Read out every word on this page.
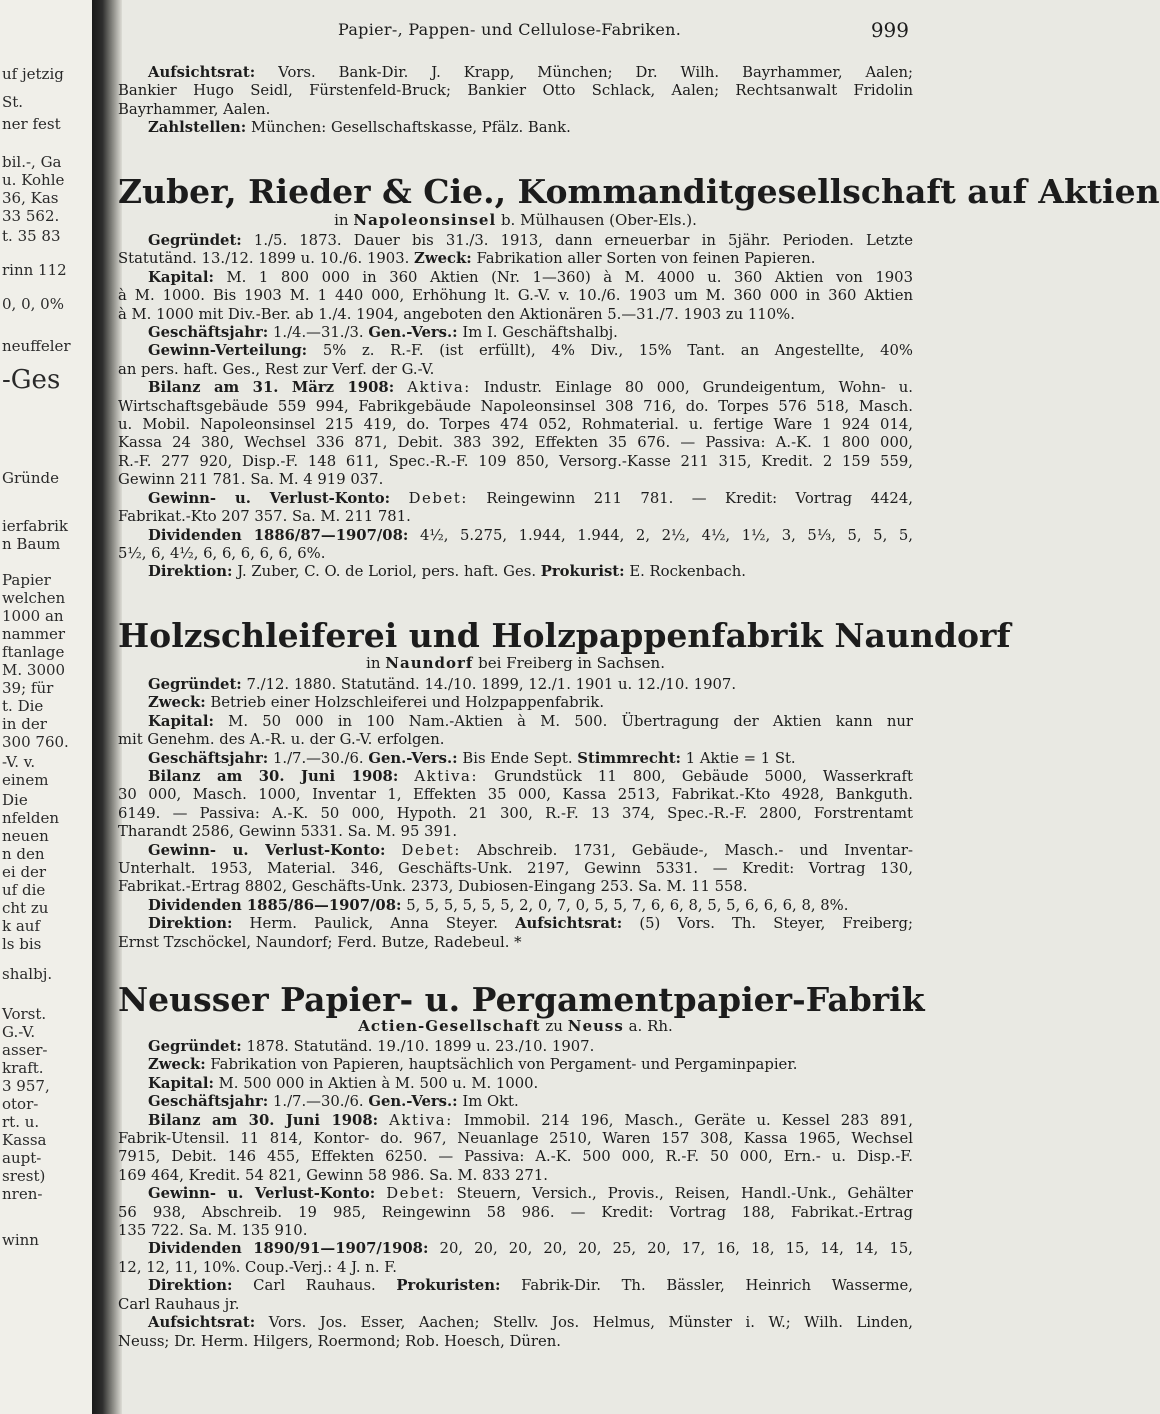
uf jetzig
St.
ner fest
bil.-, Ga
u. Kohle
36, Kas
33 562.
t. 35 83
rinn 112
0, 0, 0%
neuffeler
-Ges
Gründe
ierfabrik
n Baum
Papier
welchen
1000 an
nammer
ftanlage
M. 3000
39; für
t. Die
in der
300 760.
-V. v.
einem
Die
nfelden
neuen
n den
ei der
uf die
cht zu
k auf
ls bis
shalbj.
Vorst.
G.-V.
asser-
kraft.
3 957,
otor-
rt. u.
Kassa
aupt-
srest)
nren-
winn
Papier-, Pappen- und Cellulose-Fabriken.	999
Aufsichtsrat: Vors. Bank-Dir. J. Krapp, München; Dr. Wilh. Bayrhammer, Aalen;
Bankier Hugo Seidl, Fürstenfeld-Bruck; Bankier Otto Schlack, Aalen; Rechtsanwalt Fridolin
Bayrhammer, Aalen.
Zahlstellen: München: Gesellschaftskasse, Pfälz. Bank.
Zuber, Rieder & Cie., Kommanditgesellschaft auf Aktien
in Napoleonsinsel b. Mülhausen (Ober-Els.).
Gegründet: 1./5. 1873. Dauer bis 31./3. 1913, dann erneuerbar in 5jähr. Perioden. Letzte
Statutänd. 13./12. 1899 u. 10./6. 1903. Zweck: Fabrikation aller Sorten von feinen Papieren.
Kapital: M. 1 800 000 in 360 Aktien (Nr. 1—360) à M. 4000 u. 360 Aktien von 1903
à M. 1000. Bis 1903 M. 1 440 000, Erhöhung lt. G.-V. v. 10./6. 1903 um M. 360 000 in 360 Aktien
à M. 1000 mit Div.-Ber. ab 1./4. 1904, angeboten den Aktionären 5.—31./7. 1903 zu 110%.
Geschäftsjahr: 1./4.—31./3. Gen.-Vers.: Im I. Geschäftshalbj.
Gewinn-Verteilung: 5% z. R.-F. (ist erfüllt), 4% Div., 15% Tant. an Angestellte, 40%
an pers. haft. Ges., Rest zur Verf. der G.-V.
Bilanz am 31. März 1908: Aktiva: Industr. Einlage 80 000, Grundeigentum, Wohn- u.
Wirtschaftsgebäude 559 994, Fabrikgebäude Napoleonsinsel 308 716, do. Torpes 576 518, Masch.
u. Mobil. Napoleonsinsel 215 419, do. Torpes 474 052, Rohmaterial. u. fertige Ware 1 924 014,
Kassa 24 380, Wechsel 336 871, Debit. 383 392, Effekten 35 676. — Passiva: A.-K. 1 800 000,
R.-F. 277 920, Disp.-F. 148 611, Spec.-R.-F. 109 850, Versorg.-Kasse 211 315, Kredit. 2 159 559,
Gewinn 211 781. Sa. M. 4 919 037.
Gewinn- u. Verlust-Konto: Debet: Reingewinn 211 781. — Kredit: Vortrag 4424,
Fabrikat.-Kto 207 357. Sa. M. 211 781.
Dividenden 1886/87—1907/08: 4½, 5.275, 1.944, 1.944, 2, 2½, 4½, 1½, 3, 5⅓, 5, 5, 5,
5½, 6, 4½, 6, 6, 6, 6, 6, 6%.
Direktion: J. Zuber, C. O. de Loriol, pers. haft. Ges. Prokurist: E. Rockenbach.
Holzschleiferei und Holzpappenfabrik Naundorf
in Naundorf bei Freiberg in Sachsen.
Gegründet: 7./12. 1880. Statutänd. 14./10. 1899, 12./1. 1901 u. 12./10. 1907.
Zweck: Betrieb einer Holzschleiferei und Holzpappenfabrik.
Kapital: M. 50 000 in 100 Nam.-Aktien à M. 500. Übertragung der Aktien kann nur
mit Genehm. des A.-R. u. der G.-V. erfolgen.
Geschäftsjahr: 1./7.—30./6. Gen.-Vers.: Bis Ende Sept. Stimmrecht: 1 Aktie = 1 St.
Bilanz am 30. Juni 1908: Aktiva: Grundstück 11 800, Gebäude 5000, Wasserkraft
30 000, Masch. 1000, Inventar 1, Effekten 35 000, Kassa 2513, Fabrikat.-Kto 4928, Bankguth.
6149. — Passiva: A.-K. 50 000, Hypoth. 21 300, R.-F. 13 374, Spec.-R.-F. 2800, Forstrentamt
Tharandt 2586, Gewinn 5331. Sa. M. 95 391.
Gewinn- u. Verlust-Konto: Debet: Abschreib. 1731, Gebäude-, Masch.- und Inventar-
Unterhalt. 1953, Material. 346, Geschäfts-Unk. 2197, Gewinn 5331. — Kredit: Vortrag 130,
Fabrikat.-Ertrag 8802, Geschäfts-Unk. 2373, Dubiosen-Eingang 253. Sa. M. 11 558.
Dividenden 1885/86—1907/08: 5, 5, 5, 5, 5, 5, 2, 0, 7, 0, 5, 5, 7, 6, 6, 8, 5, 5, 6, 6, 6, 8, 8%.
Direktion: Herm. Paulick, Anna Steyer. Aufsichtsrat: (5) Vors. Th. Steyer, Freiberg;
Ernst Tzschöckel, Naundorf; Ferd. Butze, Radebeul. *
Neusser Papier- u. Pergamentpapier-Fabrik
Actien-Gesellschaft zu Neuss a. Rh.
Gegründet: 1878. Statutänd. 19./10. 1899 u. 23./10. 1907.
Zweck: Fabrikation von Papieren, hauptsächlich von Pergament- und Pergaminpapier.
Kapital: M. 500 000 in Aktien à M. 500 u. M. 1000.
Geschäftsjahr: 1./7.—30./6. Gen.-Vers.: Im Okt.
Bilanz am 30. Juni 1908: Aktiva: Immobil. 214 196, Masch., Geräte u. Kessel 283 891,
Fabrik-Utensil. 11 814, Kontor- do. 967, Neuanlage 2510, Waren 157 308, Kassa 1965, Wechsel
7915, Debit. 146 455, Effekten 6250. — Passiva: A.-K. 500 000, R.-F. 50 000, Ern.- u. Disp.-F.
169 464, Kredit. 54 821, Gewinn 58 986. Sa. M. 833 271.
Gewinn- u. Verlust-Konto: Debet: Steuern, Versich., Provis., Reisen, Handl.-Unk., Gehälter
56 938, Abschreib. 19 985, Reingewinn 58 986. — Kredit: Vortrag 188, Fabrikat.-Ertrag
135 722. Sa. M. 135 910.
Dividenden 1890/91—1907/1908: 20, 20, 20, 20, 20, 25, 20, 17, 16, 18, 15, 14, 14, 15,
12, 12, 11, 10%. Coup.-Verj.: 4 J. n. F.
Direktion: Carl Rauhaus. Prokuristen: Fabrik-Dir. Th. Bässler, Heinrich Wasserme,
Carl Rauhaus jr.
Aufsichtsrat: Vors. Jos. Esser, Aachen; Stellv. Jos. Helmus, Münster i. W.; Wilh. Linden,
Neuss; Dr. Herm. Hilgers, Roermond; Rob. Hoesch, Düren.
